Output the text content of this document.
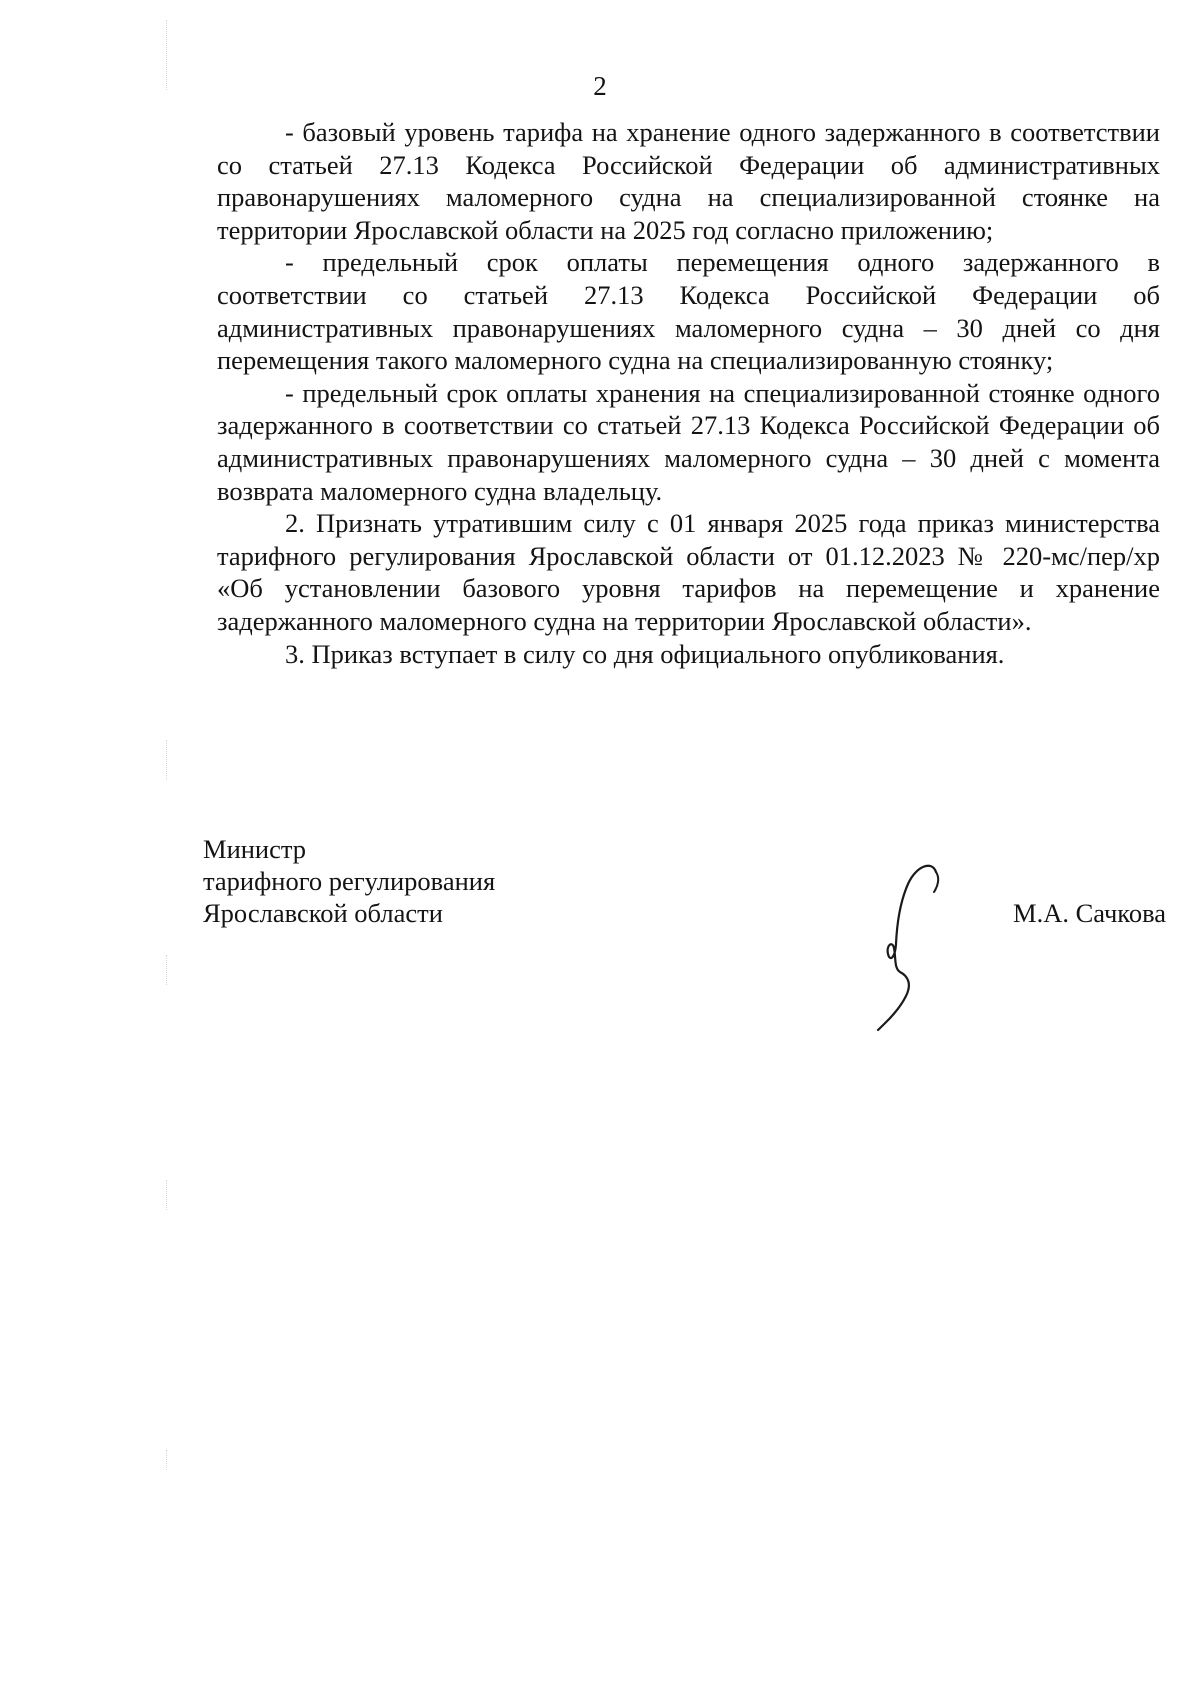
2

- базовый уровень тарифа на хранение одного задержанного в соответствии со статьей 27.13 Кодекса Российской Федерации об административных правонарушениях маломерного судна на специализированной стоянке на территории Ярославской области на 2025 год согласно приложению;

- предельный срок оплаты перемещения одного задержанного в соответствии со статьей 27.13 Кодекса Российской Федерации об административных правонарушениях маломерного судна – 30 дней со дня перемещения такого маломерного судна на специализированную стоянку;

- предельный срок оплаты хранения на специализированной стоянке одного задержанного в соответствии со статьей 27.13 Кодекса Российской Федерации об административных правонарушениях маломерного судна – 30 дней с момента возврата маломерного судна владельцу.

2. Признать утратившим силу с 01 января 2025 года приказ министерства тарифного регулирования Ярославской области от 01.12.2023 № 220-мс/пер/хр «Об установлении базового уровня тарифов на перемещение и хранение задержанного маломерного судна на территории Ярославской области».

3. Приказ вступает в силу со дня официального опубликования.

Министр
тарифного регулирования
Ярославской области	М.А. Сачкова
